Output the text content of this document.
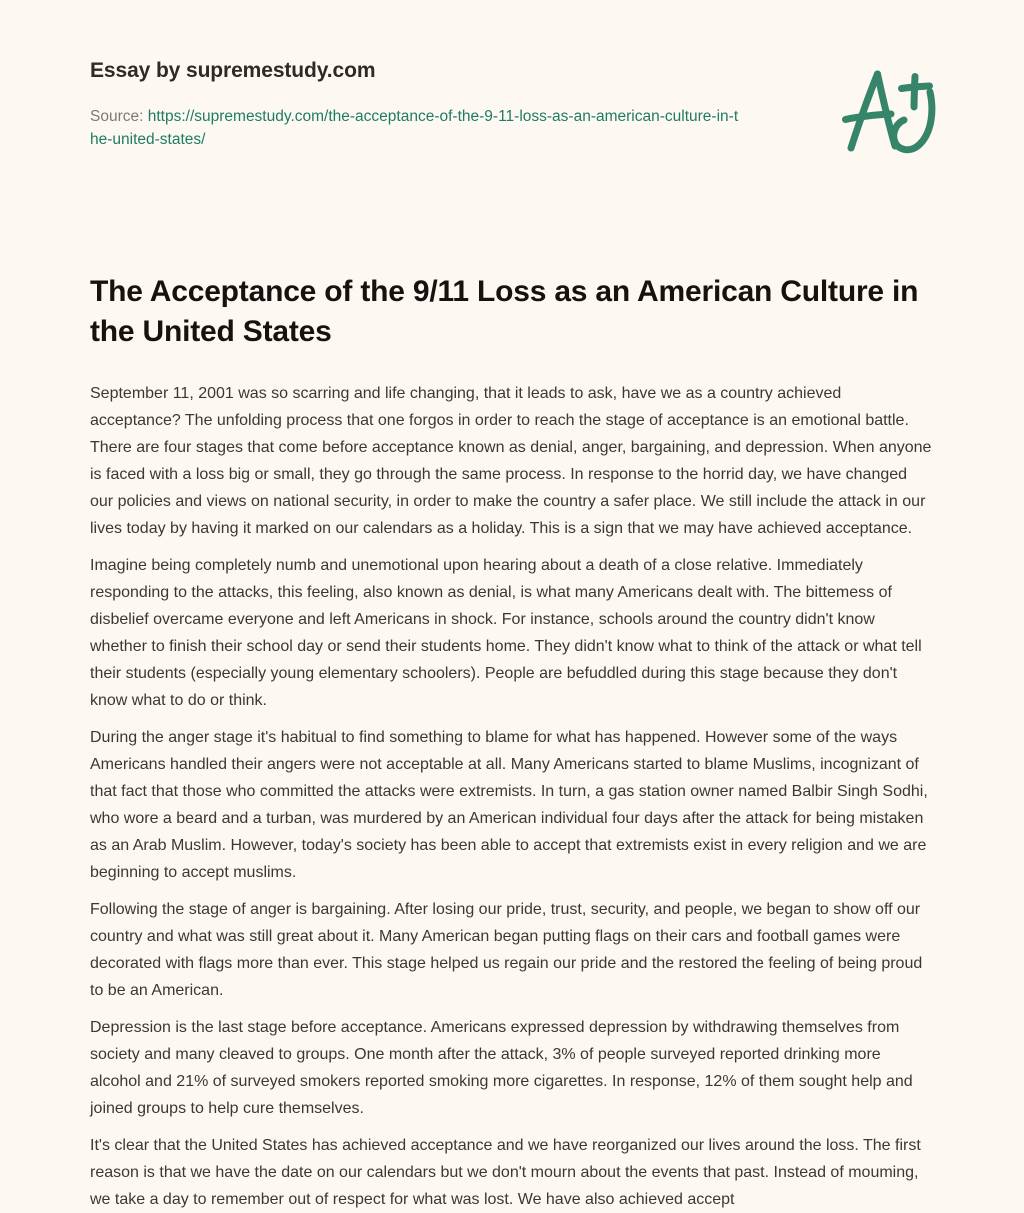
Essay by supremestudy.com
Source: https://supremestudy.com/the-acceptance-of-the-9-11-loss-as-an-american-culture-in-the-united-states/
The Acceptance of the 9/11 Loss as an American Culture in the United States

September 11, 2001 was so scarring and life changing, that it leads to ask, have we as a country achieved acceptance? The unfolding process that one forgos in order to reach the stage of acceptance is an emotional battle. There are four stages that come before acceptance known as denial, anger, bargaining, and depression. When anyone is faced with a loss big or small, they go through the same process. In response to the horrid day, we have changed our policies and views on national security, in order to make the country a safer place. We still include the attack in our lives today by having it marked on our calendars as a holiday. This is a sign that we may have achieved acceptance.

Imagine being completely numb and unemotional upon hearing about a death of a close relative. Immediately responding to the attacks, this feeling, also known as denial, is what many Americans dealt with. The bittemess of disbelief overcame everyone and left Americans in shock. For instance, schools around the country didn't know whether to finish their school day or send their students home. They didn't know what to think of the attack or what tell their students (especially young elementary schoolers). People are befuddled during this stage because they don't know what to do or think.

During the anger stage it's habitual to find something to blame for what has happened. However some of the ways Americans handled their angers were not acceptable at all. Many Americans started to blame Muslims, incognizant of that fact that those who committed the attacks were extremists. In turn, a gas station owner named Balbir Singh Sodhi, who wore a beard and a turban, was murdered by an American individual four days after the attack for being mistaken as an Arab Muslim. However, today's society has been able to accept that extremists exist in every religion and we are beginning to accept muslims.

Following the stage of anger is bargaining. After losing our pride, trust, security, and people, we began to show off our country and what was still great about it. Many American began putting flags on their cars and football games were decorated with flags more than ever. This stage helped us regain our pride and the restored the feeling of being proud to be an American.

Depression is the last stage before acceptance. Americans expressed depression by withdrawing themselves from society and many cleaved to groups. One month after the attack, 3% of people surveyed reported drinking more alcohol and 21% of surveyed smokers reported smoking more cigarettes. In response, 12% of them sought help and joined groups to help cure themselves.

It's clear that the United States has achieved acceptance and we have reorganized our lives around the loss. The first reason is that we have the date on our calendars but we don't mourn about the events that past. Instead of mouming, we take a day to remember out of respect for what was lost. We have also achieved accept
